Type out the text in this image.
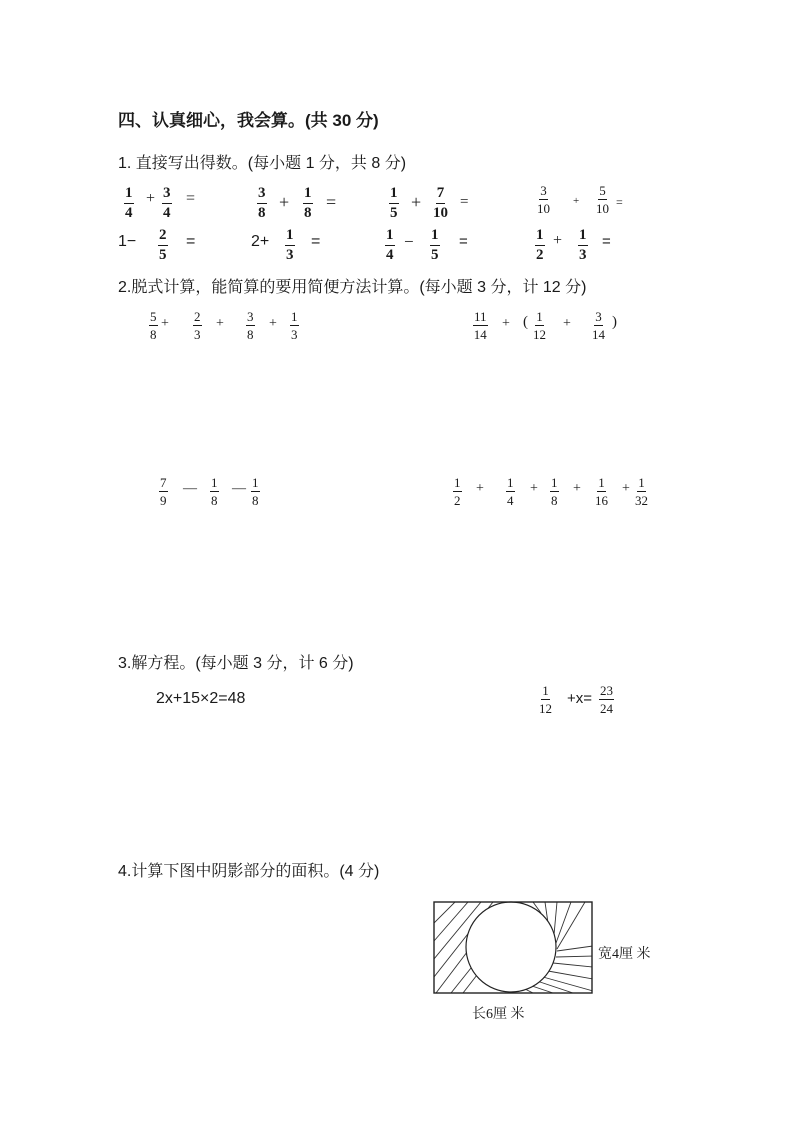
四、认真细心，我会算。(共 30 分)
1. 直接写出得数。(每小题 1 分，共 8 分)
$\frac{1}{4} + \frac{3}{4}$ =	$\frac{3}{8} + \frac{1}{8}$ =	$\frac{1}{5} + \frac{7}{10}$ =	$\frac{3}{10} + \frac{5}{10}$ =
$1- \frac{2}{5}$ =	$2+ \frac{1}{3}$ =	$\frac{1}{4} - \frac{1}{5}$ =	$\frac{1}{2} + \frac{1}{3}$ =
2.脱式计算，能简算的要用简便方法计算。(每小题 3 分，计 12 分)
$\frac{5}{8} + \frac{2}{3} + \frac{3}{8} + \frac{1}{3}$	$\frac{11}{14}$ + ( $\frac{1}{12} + \frac{3}{14}$ )
$\frac{7}{9}$ — $\frac{1}{8}$ — $\frac{1}{8}$	$\frac{1}{2} + \frac{1}{4} + \frac{1}{8} + \frac{1}{16} + \frac{1}{32}$
3.解方程。(每小题 3 分，计 6 分)
2x+15×2=48	$\frac{1}{12} +x= \frac{23}{24}$
4.计算下图中阴影部分的面积。(4 分)
宽4厘 米
长6厘 米
